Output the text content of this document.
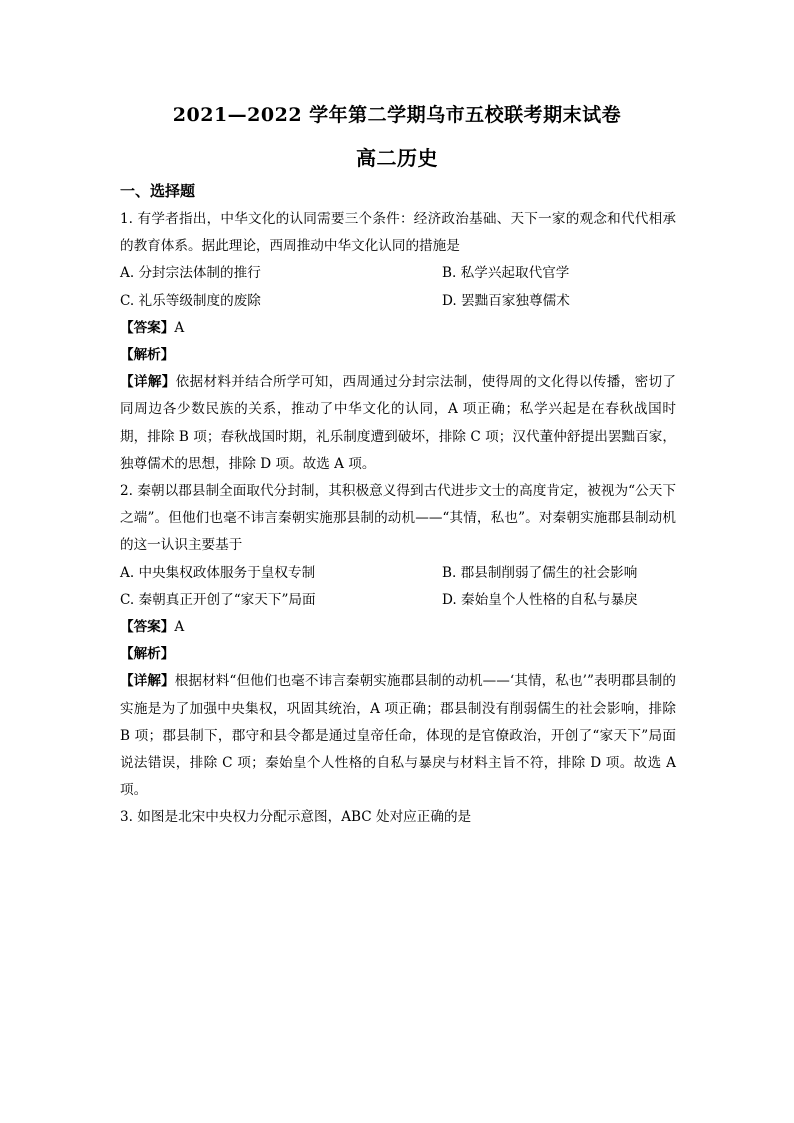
2021—2022 学年第二学期乌市五校联考期末试卷
高二历史
一、选择题

1. 有学者指出，中华文化的认同需要三个条件：经济政治基础、天下一家的观念和代代相承的教育体系。据此理论，西周推动中华文化认同的措施是

A. 分封宗法体制的推行	B. 私学兴起取代官学
C. 礼乐等级制度的废除	D. 罢黜百家独尊儒术

【答案】A

【解析】

【详解】依据材料并结合所学可知，西周通过分封宗法制，使得周的文化得以传播，密切了同周边各少数民族的关系，推动了中华文化的认同，A 项正确；私学兴起是在春秋战国时期，排除 B 项；春秋战国时期，礼乐制度遭到破坏，排除 C 项；汉代董仲舒提出罢黜百家，独尊儒术的思想，排除 D 项。故选 A 项。

2. 秦朝以郡县制全面取代分封制，其积极意义得到古代进步文士的高度肯定，被视为“公天下之端”。但他们也毫不讳言秦朝实施那县制的动机——“其情，私也”。对秦朝实施郡县制动机的这一认识主要基于

A. 中央集权政体服务于皇权专制	B. 郡县制削弱了儒生的社会影响
C. 秦朝真正开创了“家天下”局面	D. 秦始皇个人性格的自私与暴戾

【答案】A

【解析】

【详解】根据材料“但他们也毫不讳言秦朝实施郡县制的动机——‘其情，私也’”表明郡县制的实施是为了加强中央集权，巩固其统治，A 项正确；郡县制没有削弱儒生的社会影响，排除 B 项；郡县制下，郡守和县令都是通过皇帝任命，体现的是官僚政治，开创了“家天下”局面说法错误，排除 C 项；秦始皇个人性格的自私与暴戾与材料主旨不符，排除 D 项。故选 A 项。

3. 如图是北宋中央权力分配示意图，ABC 处对应正确的是
